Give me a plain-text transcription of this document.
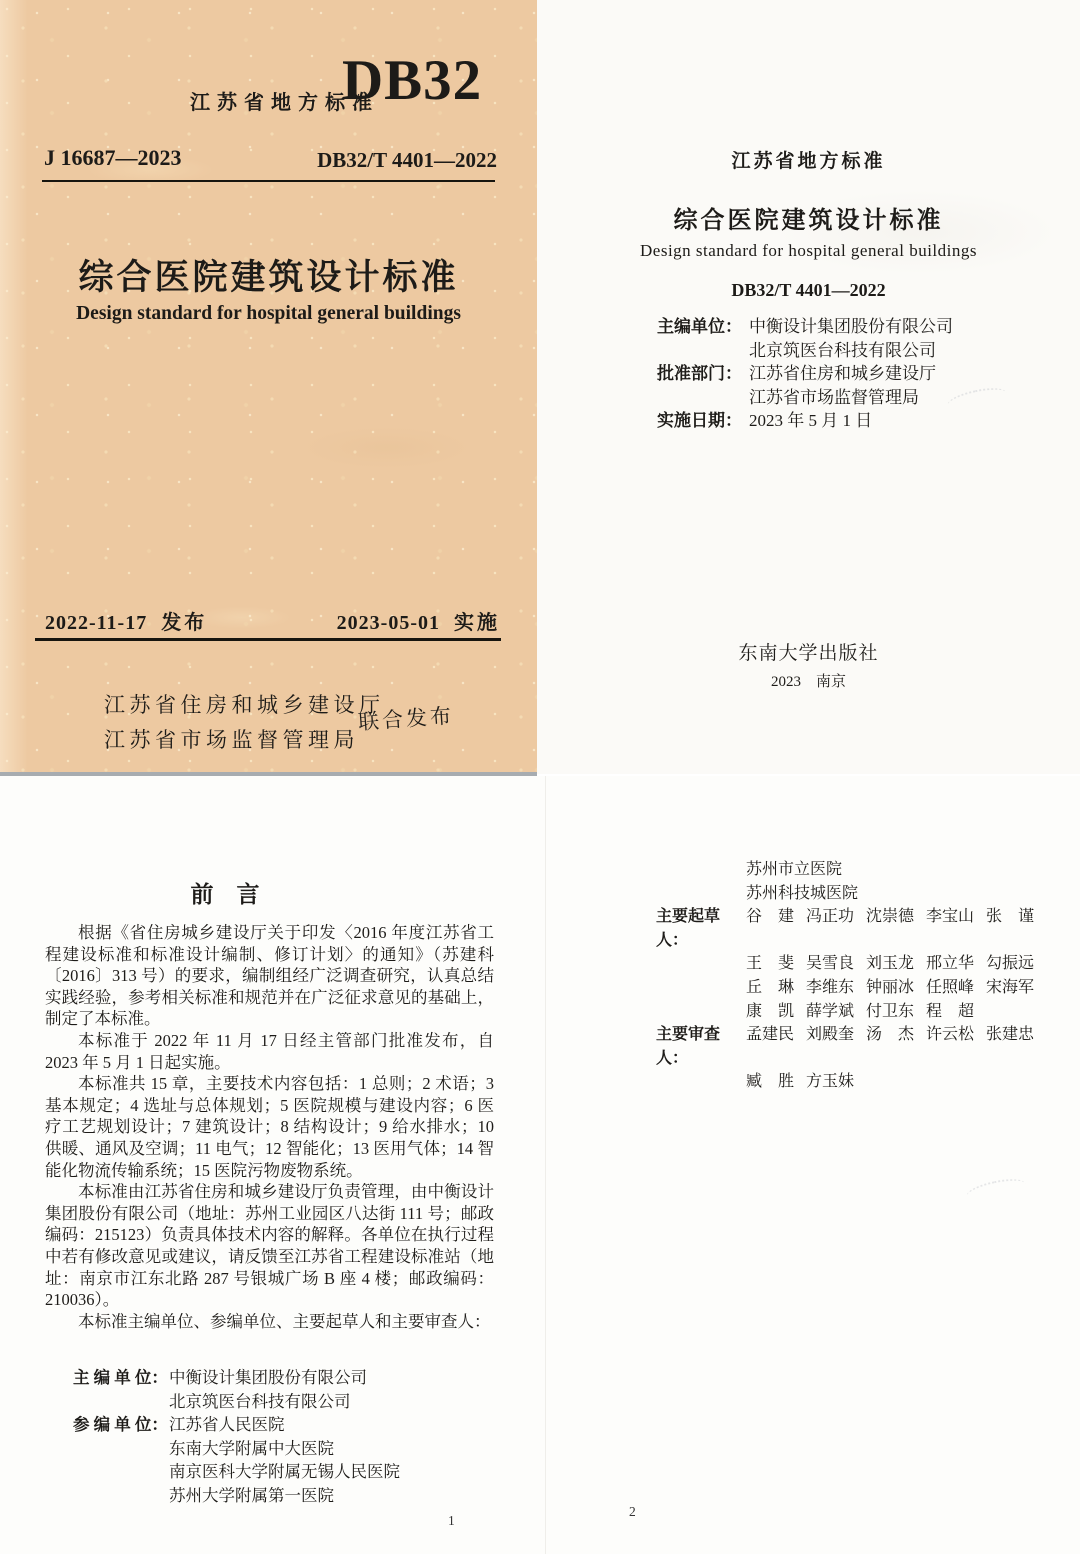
江苏省地方标准
DB32
J 16687—2023	DB32/T 4401—2022
综合医院建筑设计标准
Design standard for hospital general buildings
2022-11-17 发布	2023-05-01 实施
江苏省住房和城乡建设厅
江苏省市场监督管理局
联合发布
江苏省地方标准
综合医院建筑设计标准
Design standard for hospital general buildings
DB32/T 4401—2022
主编单位： 中衡设计集团股份有限公司
北京筑医台科技有限公司
批准部门： 江苏省住房和城乡建设厅
江苏省市场监督管理局
实施日期： 2023 年 5 月 1 日
东南大学出版社
2023　南京
前　言

根据《省住房城乡建设厅关于印发〈2016 年度江苏省工程建设标准和标准设计编制、修订计划〉的通知》（苏建科〔2016〕313 号）的要求，编制组经广泛调查研究，认真总结实践经验，参考相关标准和规范并在广泛征求意见的基础上，制定了本标准。

本标准于 2022 年 11 月 17 日经主管部门批准发布，自 2023 年 5 月 1 日起实施。

本标准共 15 章，主要技术内容包括：1 总则；2 术语；3 基本规定；4 选址与总体规划；5 医院规模与建设内容；6 医疗工艺规划设计；7 建筑设计；8 结构设计；9 给水排水；10 供暖、通风及空调；11 电气；12 智能化；13 医用气体；14 智能化物流传输系统；15 医院污物废物系统。

本标准由江苏省住房和城乡建设厅负责管理，由中衡设计集团股份有限公司（地址：苏州工业园区八达街 111 号；邮政编码：215123）负责具体技术内容的解释。各单位在执行过程中若有修改意见或建议，请反馈至江苏省工程建设标准站（地址：南京市江东北路 287 号银城广场 B 座 4 楼；邮政编码：210036）。

本标准主编单位、参编单位、主要起草人和主要审查人：

主 编 单 位： 中衡设计集团股份有限公司
北京筑医台科技有限公司
参 编 单 位： 江苏省人民医院
东南大学附属中大医院
南京医科大学附属无锡人民医院
苏州大学附属第一医院
1
苏州市立医院
苏州科技城医院
主要起草人：
谷　建 冯正功 沈崇德 李宝山 张　谨
王　斐 吴雪良 刘玉龙 邢立华 勾振远
丘　琳 李维东 钟丽冰 任照峰 宋海军
康　凯 薛学斌 付卫东 程　超
主要审查人：
孟建民 刘殿奎 汤　杰 许云松 张建忠
臧　胜 方玉妹
2
